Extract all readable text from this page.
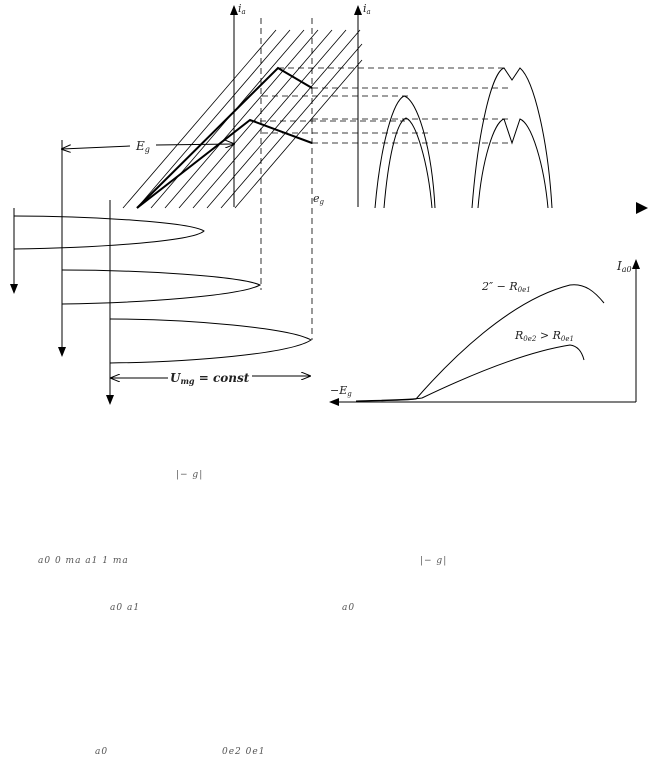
ia	ia
Eg
eg
Umg = const
Ia0
2″ − R0e1
R0e2 > R0e1
−Eg
|− g|
a0 0 ma a1 1 ma	|− g|
a0 a1	a0
a0	0e2 0e1
